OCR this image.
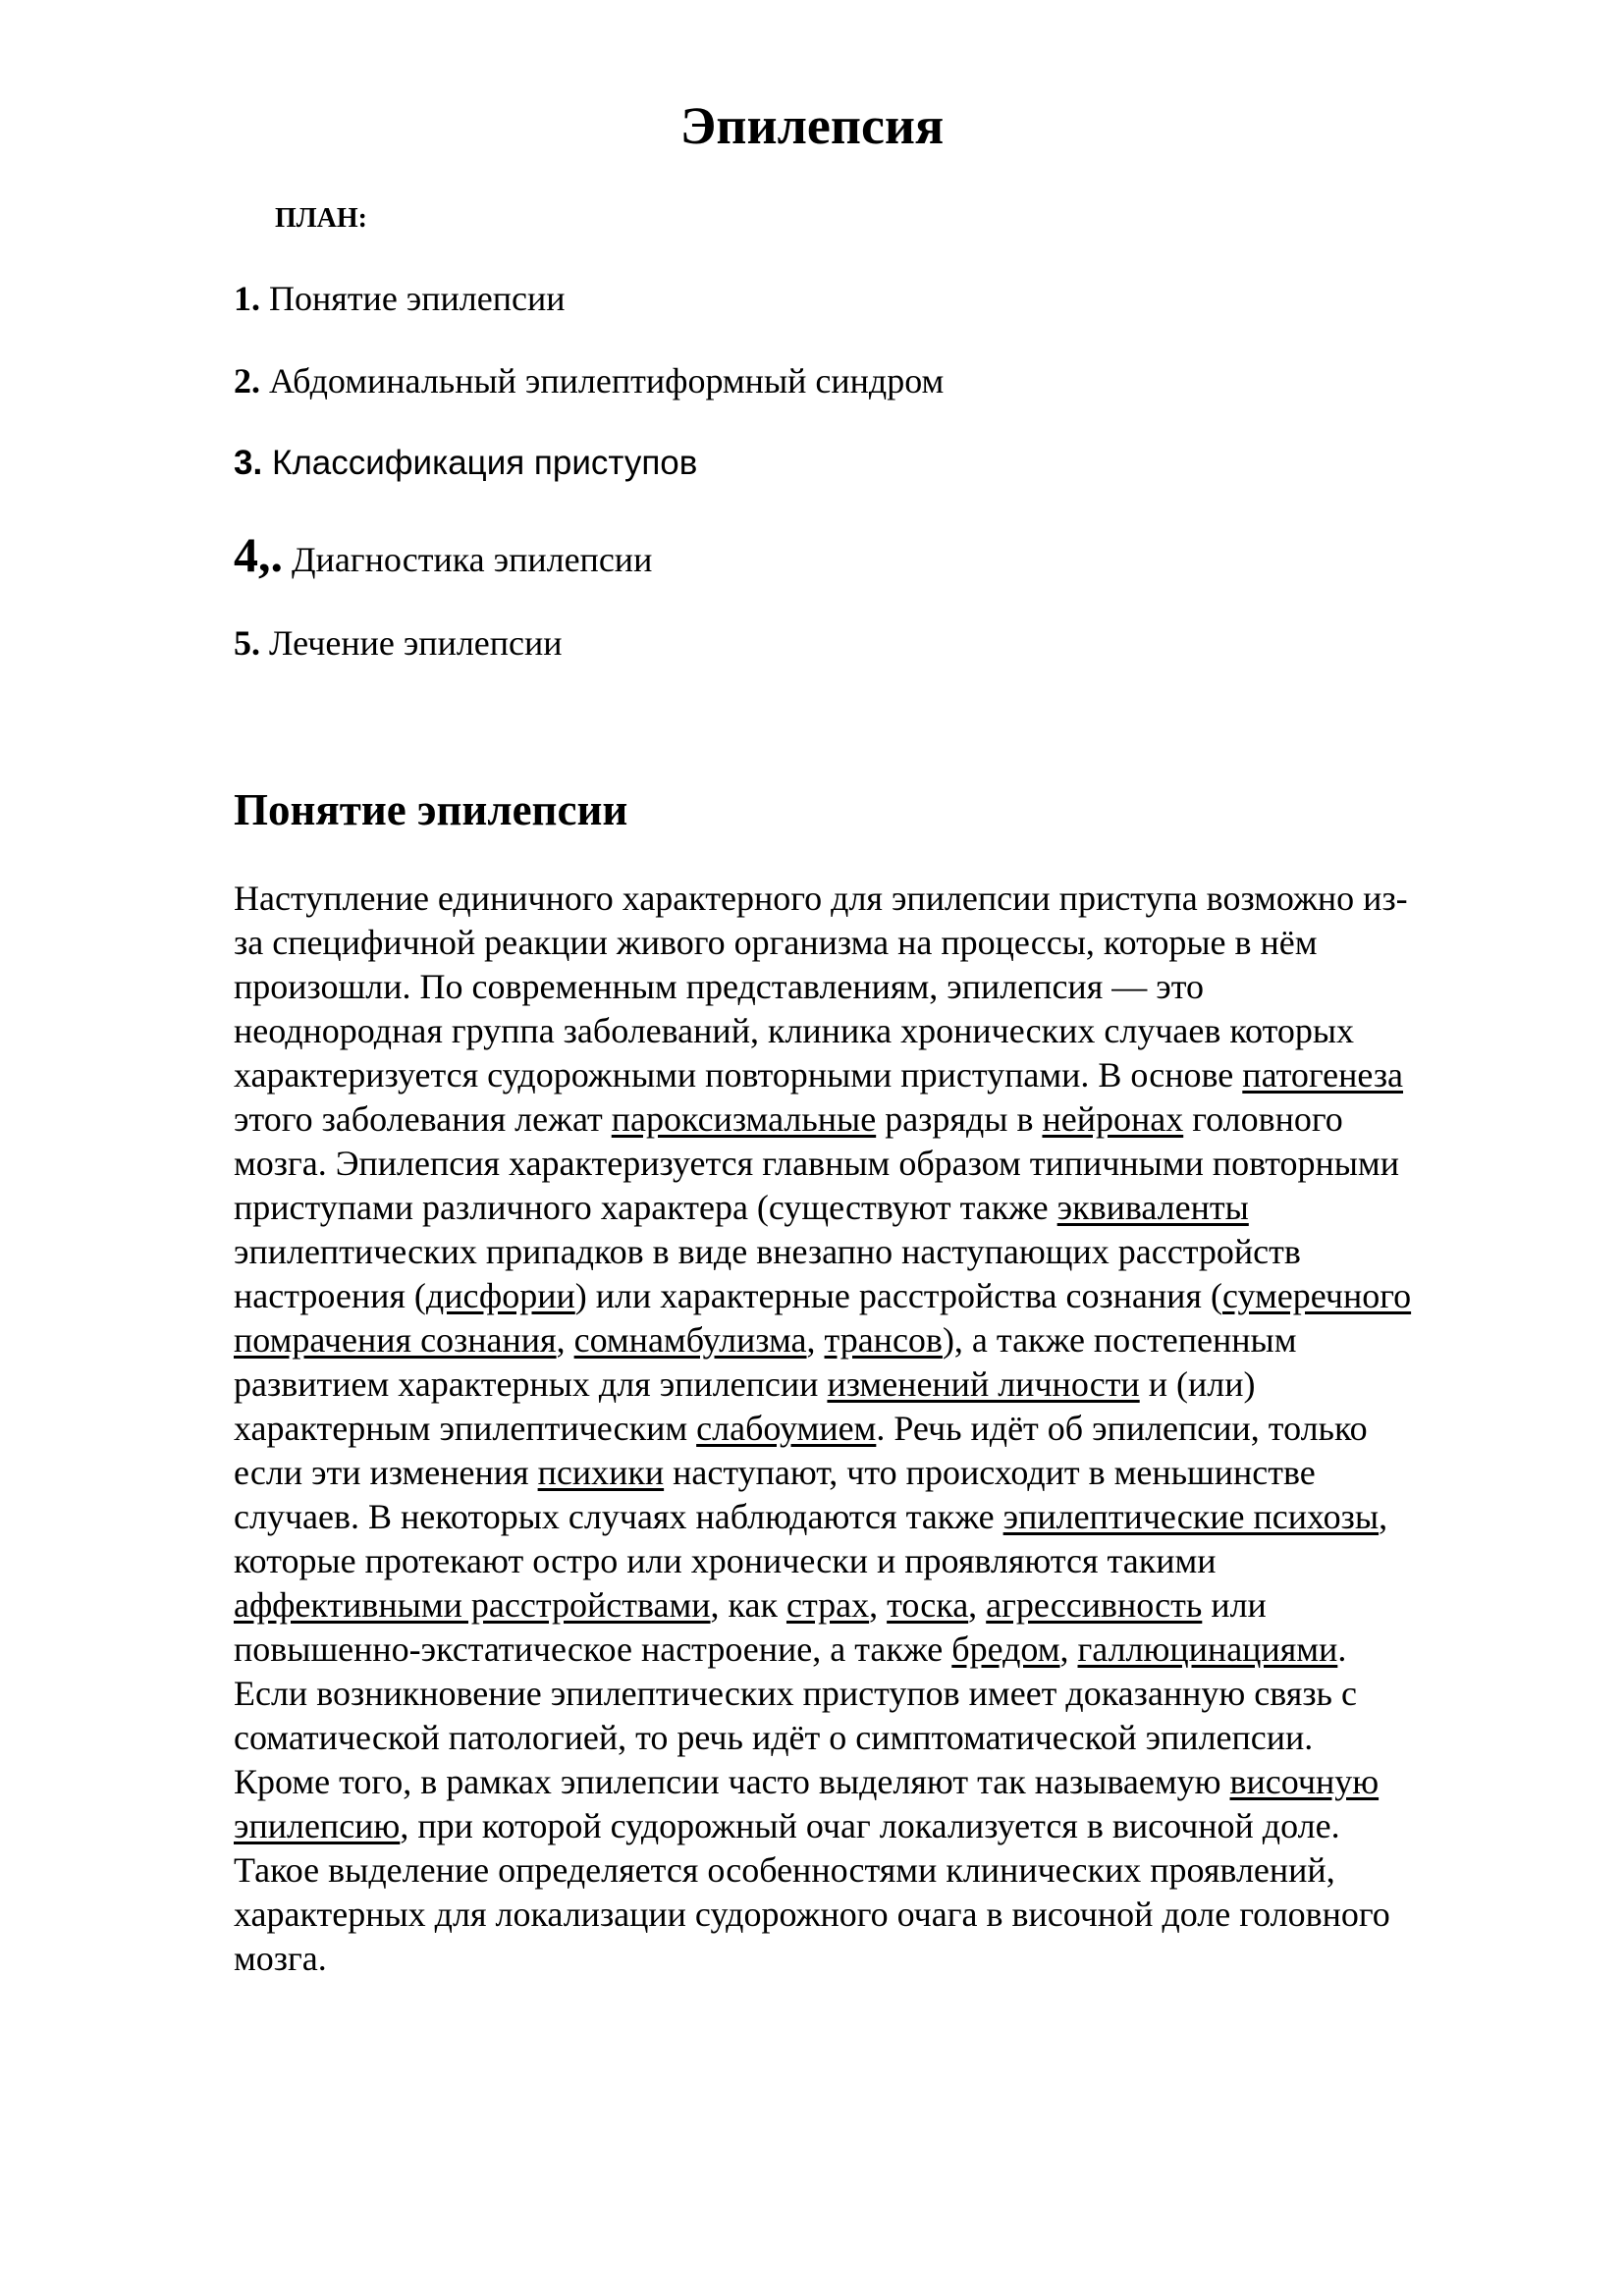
Эпилепсия

ПЛАН:

1. Понятие эпилепсии

2. Абдоминальный эпилептиформный синдром

3. Классификация приступов

4,. Диагностика эпилепсии

5. Лечение эпилепсии

Понятие эпилепсии
Наступление единичного характерного для эпилепсии приступа возможно из-
за специфичной реакции живого организма на процессы, которые в нём
произошли. По современным представлениям, эпилепсия — это
неоднородная группа заболеваний, клиника хронических случаев которых
характеризуется судорожными повторными приступами. В основе патогенеза
этого заболевания лежат пароксизмальные разряды в нейронах головного
мозга. Эпилепсия характеризуется главным образом типичными повторными
приступами различного характера (существуют также эквиваленты
эпилептических припадков в виде внезапно наступающих расстройств
настроения (дисфории) или характерные расстройства сознания (сумеречного
помрачения сознания, сомнамбулизма, трансов), а также постепенным
развитием характерных для эпилепсии изменений личности и (или)
характерным эпилептическим слабоумием. Речь идёт об эпилепсии, только
если эти изменения психики наступают, что происходит в меньшинстве
случаев. В некоторых случаях наблюдаются также эпилептические психозы,
которые протекают остро или хронически и проявляются такими
аффективными расстройствами, как страх, тоска, агрессивность или
повышенно-экстатическое настроение, а также бредом, галлюцинациями.
Если возникновение эпилептических приступов имеет доказанную связь с
соматической патологией, то речь идёт о симптоматической эпилепсии.
Кроме того, в рамках эпилепсии часто выделяют так называемую височную
эпилепсию, при которой судорожный очаг локализуется в височной доле.
Такое выделение определяется особенностями клинических проявлений,
характерных для локализации судорожного очага в височной доле головного
мозга.
